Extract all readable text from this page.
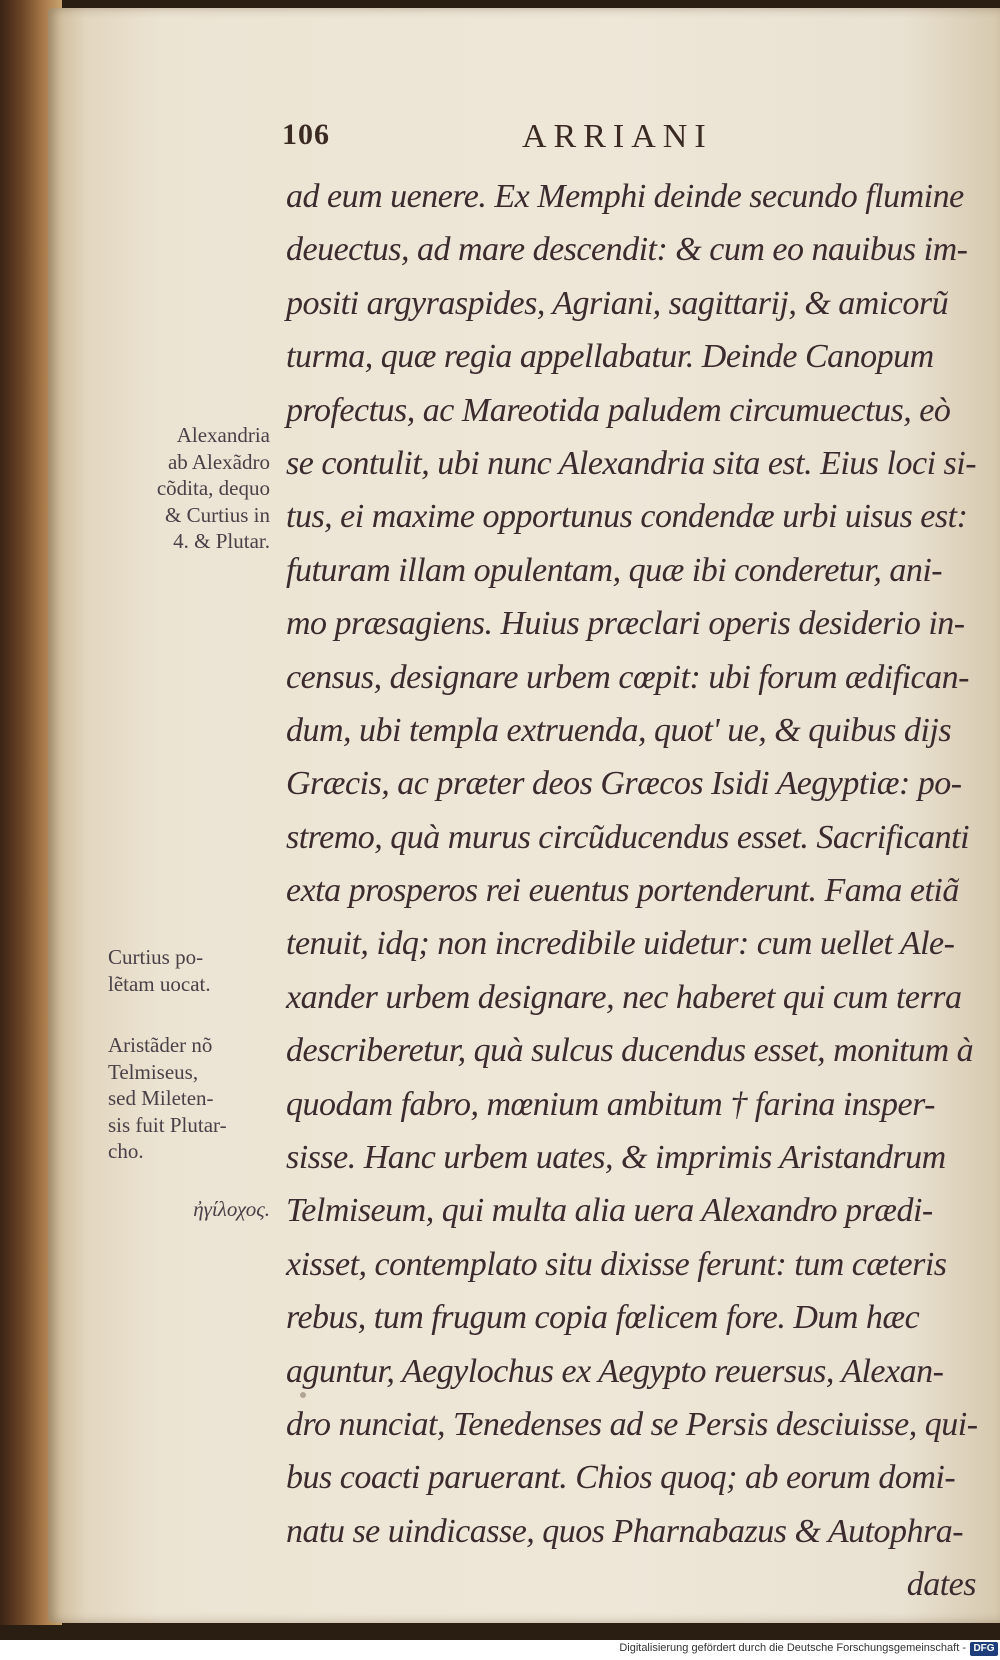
106	ARRIANI
ad eum uenere. Ex Memphi deinde secundo flumine
deuectus, ad mare descendit: & cum eo nauibus im-
positi argyraspides, Agriani, sagittarij, & amicorũ
turma, quæ regia appellabatur. Deinde Canopum
profectus, ac Mareotida paludem circumuectus, eò
se contulit, ubi nunc Alexandria sita est. Eius loci si-
tus, ei maxime opportunus condendæ urbi uisus est:
futuram illam opulentam, quæ ibi conderetur, ani-
mo præsagiens. Huius præclari operis desiderio in-
census, designare urbem cœpit: ubi forum ædifican-
dum, ubi templa extruenda, quot' ue, & quibus dijs
Græcis, ac præter deos Græcos Isidi Aegyptiæ: po-
stremo, quà murus circũducendus esset. Sacrificanti
exta prosperos rei euentus portenderunt. Fama etiã
tenuit, idq; non incredibile uidetur: cum uellet Ale-
xander urbem designare, nec haberet qui cum terra
describeretur, quà sulcus ducendus esset, monitum à
quodam fabro, mœnium ambitum † farina insper-
sisse. Hanc urbem uates, & imprimis Aristandrum
Telmiseum, qui multa alia uera Alexandro prædi-
xisset, contemplato situ dixisse ferunt: tum cæteris
rebus, tum frugum copia fœlicem fore. Dum hæc
aguntur, Aegylochus ex Aegypto reuersus, Alexan-
dro nunciat, Tenedenses ad se Persis desciuisse, qui-
bus coacti paruerant. Chios quoq; ab eorum domi-
natu se uindicasse, quos Pharnabazus & Autophra-
dates
Alexandria
ab Alexãdro
cõdita, dequo
& Curtius in
4. & Plutar.
Curtius po-
lẽtam uocat.
Aristãder nõ
Telmiseus,
sed Mileten-
sis fuit Plutar-
cho.
ἠγίλοχος.
Digitalisierung gefördert durch die Deutsche Forschungsgemeinschaft - DFG
